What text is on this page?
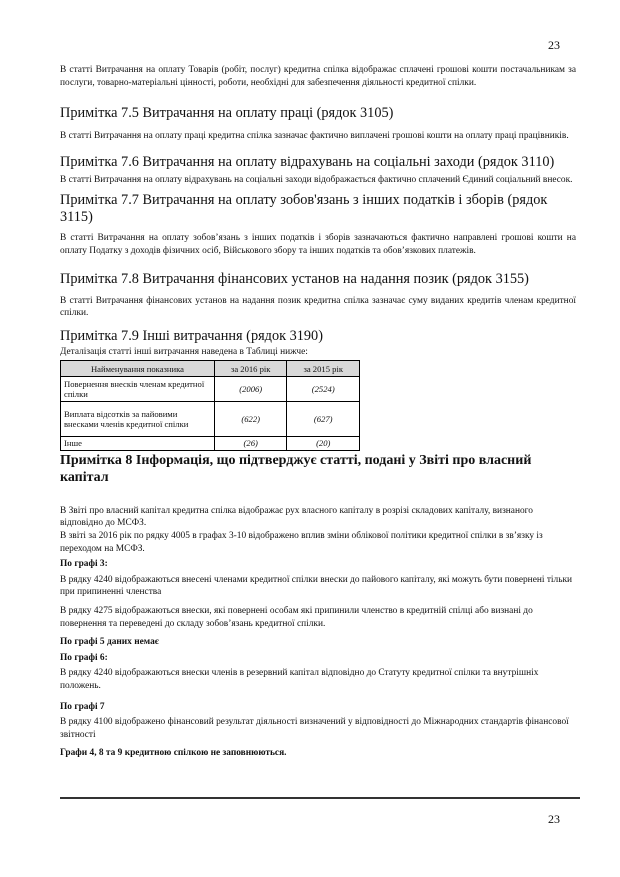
23

В статті Витрачання на оплату Товарів (робіт, послуг) кредитна спілка відображає сплачені грошові кошти постачальникам за послуги, товарно-матеріальні цінності, роботи, необхідні для забезпечення діяльності кредитної спілки.

Примітка 7.5 Витрачання на оплату праці (рядок 3105)

В статті Витрачання на оплату праці кредитна спілка зазначає фактично виплачені грошові кошти на оплату праці працівників.

Примітка 7.6 Витрачання на оплату відрахувань на соціальні заходи (рядок 3110)

В статті Витрачання на оплату відрахувань на соціальні заходи відображається фактично сплачений Єдиний соціальний внесок.

Примітка 7.7 Витрачання на оплату зобов'язань з інших податків і зборів (рядок 3115)

В статті Витрачання на оплату зобов’язань з інших податків і зборів зазначаються фактично направлені грошові кошти на оплату Податку з доходів фізичних осіб, Військового збору та інших податків та обов’язкових платежів.

Примітка 7.8 Витрачання фінансових установ на надання позик (рядок 3155)

В статті Витрачання фінансових установ на надання позик кредитна спілка зазначає суму виданих кредитів членам кредитної спілки.

Примітка 7.9 Інші витрачання (рядок 3190)

Деталізація статті інші витрачання наведена в Таблиці нижче:

Найменування показника	за 2016 рік	за 2015 рік
Повернення внесків членам кредитної спілки	(2006)	(2524)
Виплата відсотків за пайовими внесками членів кредитної спілки	(622)	(627)
Інше	(26)	(20)
Примітка 8 Інформація, що підтверджує статті, подані у Звіті про власний капітал

В Звіті про власний капітал кредитна спілка відображає рух власного капіталу в розрізі складових капіталу, визнаного відповідно до МСФЗ.

В звіті за 2016 рік по рядку 4005 в графах 3-10 відображено вплив зміни облікової політики кредитної спілки в зв’язку із переходом на МСФЗ.

По графі 3:

В рядку 4240 відображаються внесені членами кредитної спілки внески до пайового капіталу, які можуть бути повернені тільки при припиненні членства

В рядку 4275 відображаються внески, які повернені особам які припинили членство в кредитній спілці або визнані до повернення та переведені до складу зобов’язань кредитної спілки.

По графі 5 даних немає

По графі 6:

В рядку 4240 відображаються внески членів в резервний капітал відповідно до Статуту кредитної спілки та внутрішніх положень.

По графі 7

В рядку 4100 відображено фінансовий результат діяльності визначений у відповідності до Міжнародних стандартів фінансової звітності

Графи 4, 8 та 9 кредитною спілкою не заповнюються.

23
